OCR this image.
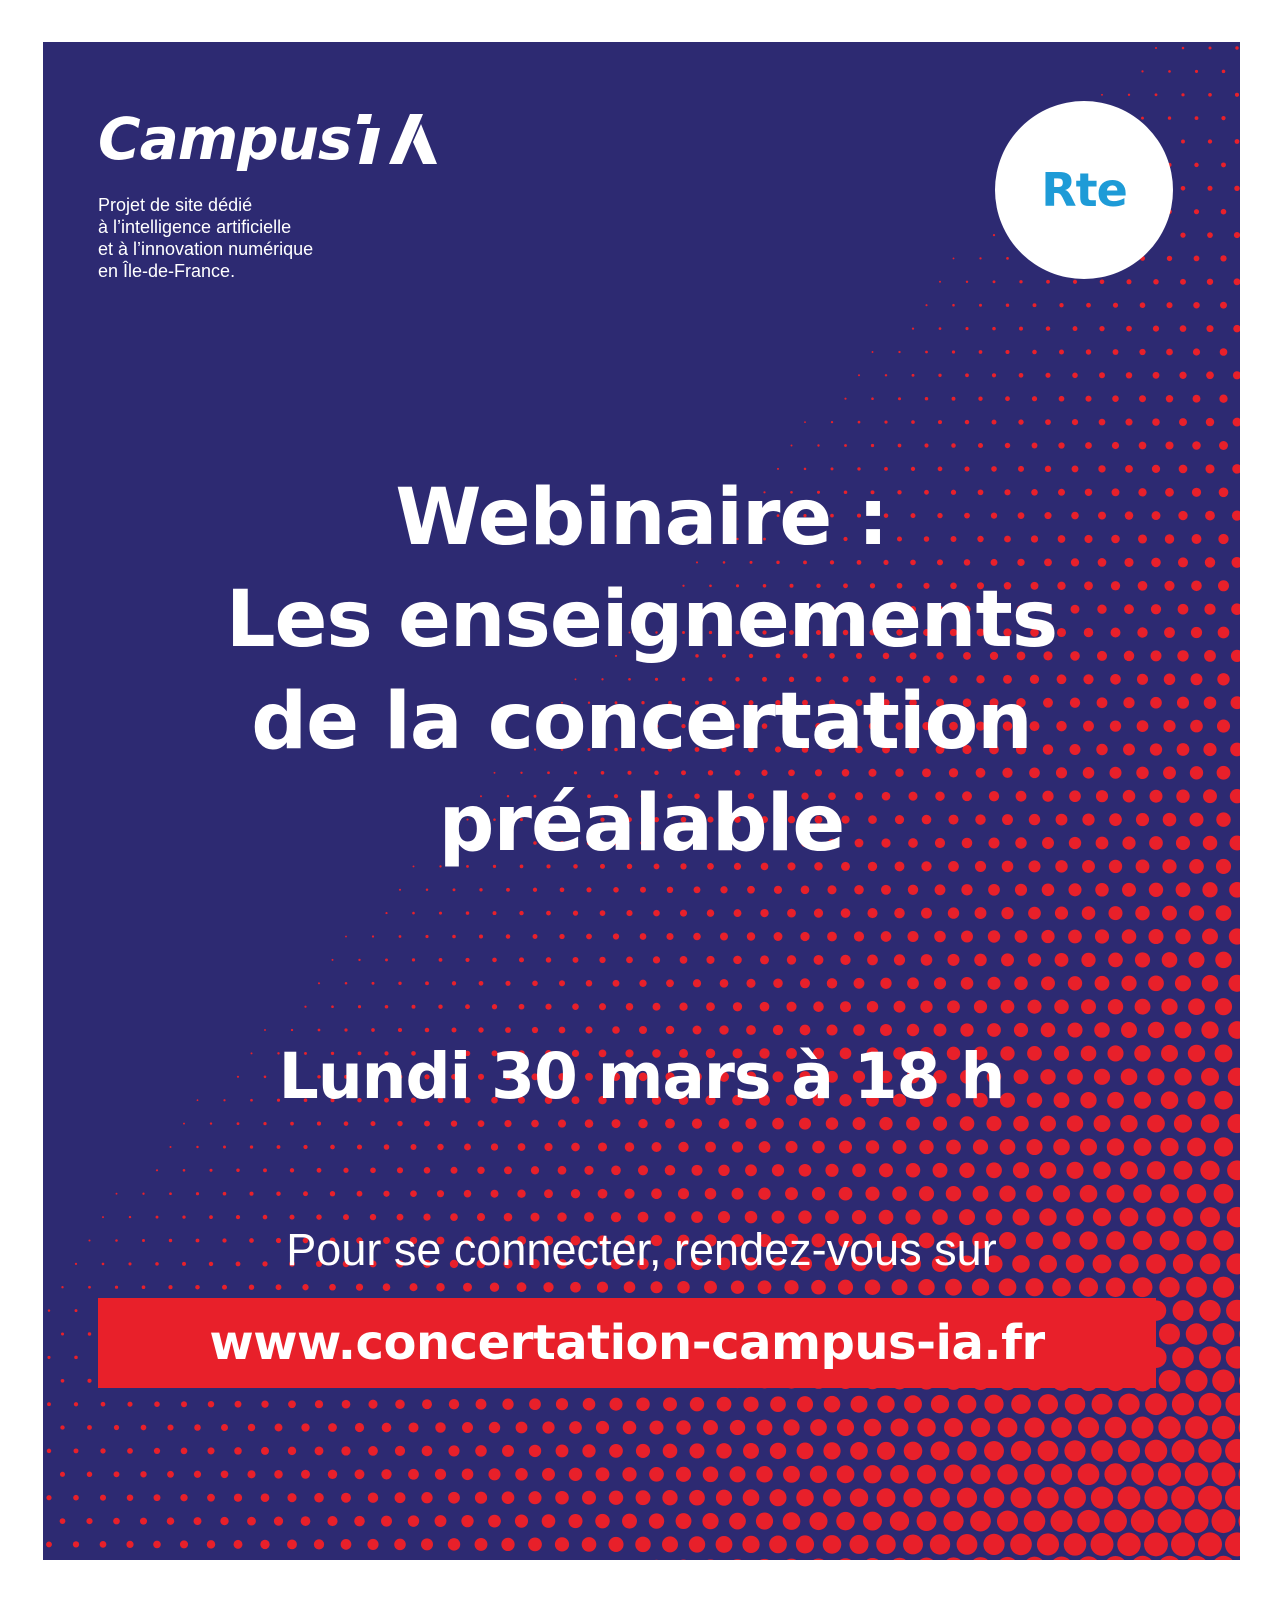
Campus
Projet de site dédié
à l’intelligence artificielle
et à l’innovation numérique
en Île-de-France.
Rte
Webinaire :
Les enseignements
de la concertation
préalable
Lundi 30 mars à 18 h
Pour se connecter, rendez-vous sur
www.concertation-campus-ia.fr
